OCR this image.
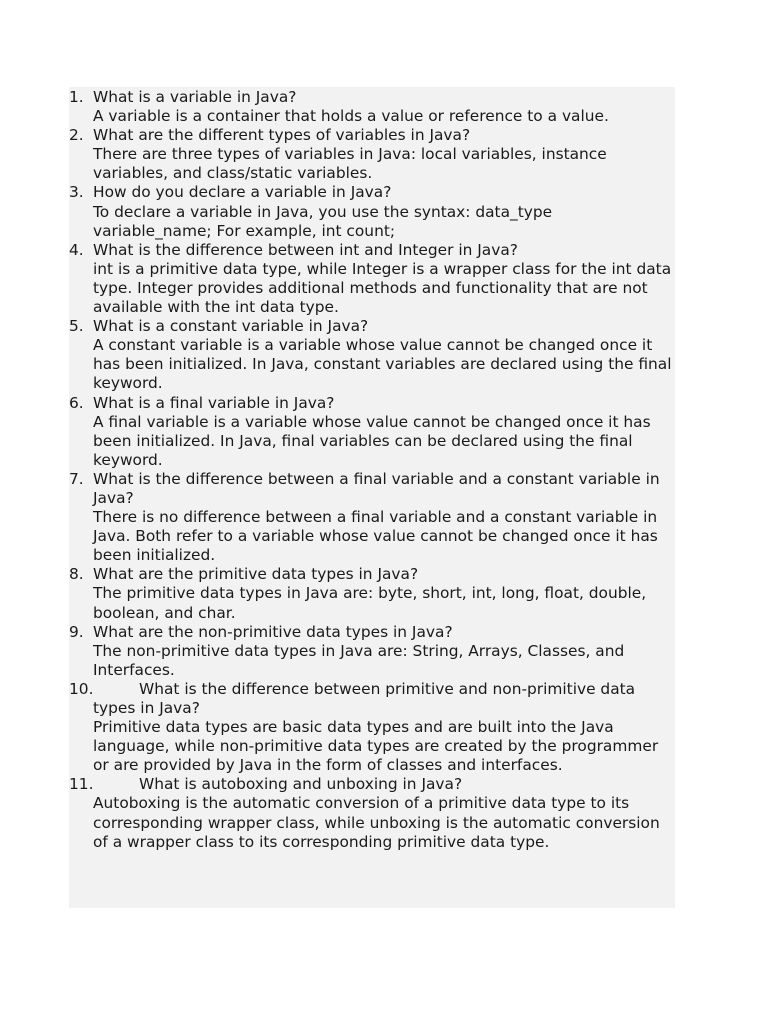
1. What is a variable in Java?
A variable is a container that holds a value or reference to a value.
2. What are the different types of variables in Java?
There are three types of variables in Java: local variables, instance variables, and class/static variables.
3. How do you declare a variable in Java?
To declare a variable in Java, you use the syntax: data_type variable_name; For example, int count;
4. What is the difference between int and Integer in Java?
int is a primitive data type, while Integer is a wrapper class for the int data type. Integer provides additional methods and functionality that are not available with the int data type.
5. What is a constant variable in Java?
A constant variable is a variable whose value cannot be changed once it has been initialized. In Java, constant variables are declared using the final keyword.
6. What is a final variable in Java?
A final variable is a variable whose value cannot be changed once it has been initialized. In Java, final variables can be declared using the final keyword.
7. What is the difference between a final variable and a constant variable in Java?
There is no difference between a final variable and a constant variable in Java. Both refer to a variable whose value cannot be changed once it has been initialized.
8. What are the primitive data types in Java?
The primitive data types in Java are: byte, short, int, long, float, double, boolean, and char.
9. What are the non-primitive data types in Java?
The non-primitive data types in Java are: String, Arrays, Classes, and Interfaces.
10.	What is the difference between primitive and non-primitive data types in Java?
Primitive data types are basic data types and are built into the Java language, while non-primitive data types are created by the programmer or are provided by Java in the form of classes and interfaces.
11.	What is autoboxing and unboxing in Java?
Autoboxing is the automatic conversion of a primitive data type to its corresponding wrapper class, while unboxing is the automatic conversion of a wrapper class to its corresponding primitive data type.
